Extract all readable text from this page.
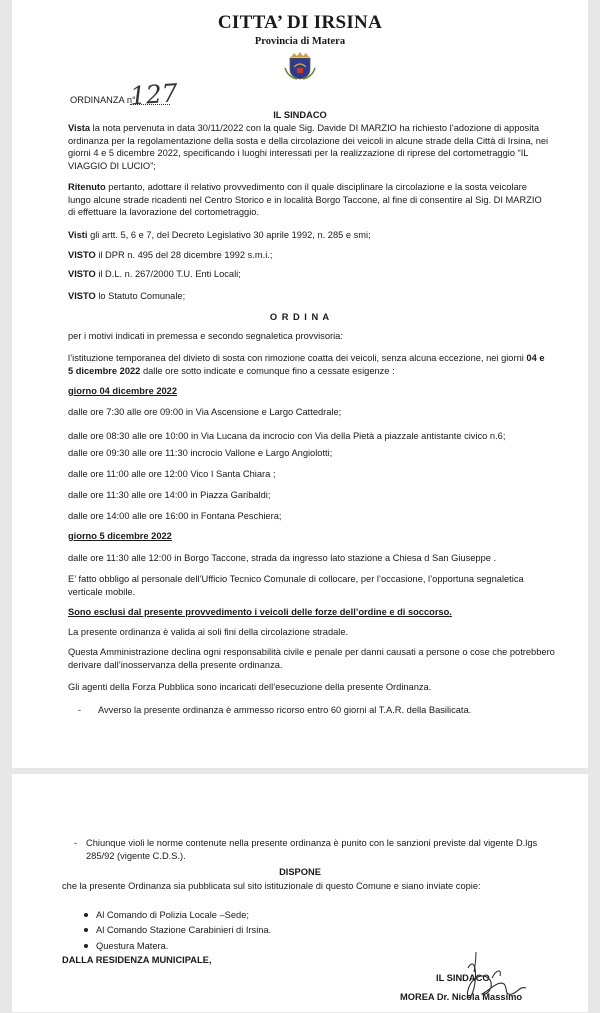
CITTA’ DI IRSINA
Provincia di Matera
ORDINANZA n°
127
IL SINDACO
Vista la nota pervenuta in data 30/11/2022 con la quale Sig. Davide DI MARZIO ha richiesto l’adozione di apposita ordinanza per la regolamentazione della sosta e della circolazione dei veicoli in alcune strade della Città di Irsina, nei giorni 4 e 5 dicembre 2022, specificando i luoghi interessati per la realizzazione di riprese del cortometraggio “IL VIAGGIO DI LUCIO”;
Ritenuto pertanto, adottare il relativo provvedimento con il quale disciplinare la circolazione e la sosta veicolare lungo alcune strade ricadenti nel Centro Storico e in località Borgo Taccone, al fine di consentire al Sig. DI MARZIO di effettuare la lavorazione del cortometraggio.
Visti gli artt. 5, 6 e 7, del Decreto Legislativo 30 aprile 1992, n. 285 e smi;
VISTO il DPR n. 495 del 28 dicembre 1992 s.m.i.;
VISTO il D.L. n. 267/2000 T.U. Enti Locali;
VISTO lo Statuto Comunale;
O R D I N A
per i motivi indicati in premessa e secondo segnaletica provvisoria:
l’istituzione temporanea del divieto di sosta con rimozione coatta dei veicoli, senza alcuna eccezione, nei giorni 04 e 5 dicembre 2022 dalle ore sotto indicate e comunque fino a cessate esigenze :
giorno 04 dicembre 2022
dalle ore 7:30 alle ore 09:00 in Via Ascensione e Largo Cattedrale;
dalle ore 08:30 alle ore 10:00 in Via Lucana da incrocio con Via della Pietà a piazzale antistante civico n.6;
dalle ore 09:30 alle ore 11:30 incrocio Vallone e Largo Angiolotti;
dalle ore 11:00 alle ore 12:00 Vico I Santa Chiara ;
dalle ore 11:30 alle ore 14:00 in Piazza Garibaldi;
dalle ore 14:00 alle ore 16:00 in Fontana Peschiera;
giorno 5 dicembre 2022
dalle ore 11:30 alle 12:00 in Borgo Taccone, strada da ingresso lato stazione a Chiesa d San Giuseppe .
E’ fatto obbligo al personale dell’Ufficio Tecnico Comunale di collocare, per l’occasione, l’opportuna segnaletica verticale mobile.
Sono esclusi dal presente provvedimento i veicoli delle forze dell’ordine e di soccorso.
La presente ordinanza è valida ai soli fini della circolazione stradale.
Questa Amministrazione declina ogni responsabilità civile e penale per danni causati a persone o cose che potrebbero derivare dall’inosservanza della presente ordinanza.
Gli agenti della Forza Pubblica sono incaricati dell’esecuzione della presente Ordinanza.
- Avverso la presente ordinanza è ammesso ricorso entro 60 giorni al T.A.R. della Basilicata.
- Chiunque violi le norme contenute nella presente ordinanza è punito con le sanzioni previste dal vigente D.lgs 285/92 (vigente C.D.S.).
DISPONE
che la presente Ordinanza sia pubblicata sul sito istituzionale di questo Comune e siano inviate copie:
Al Comando di Polizia Locale –Sede;
Al Comando Stazione Carabinieri di Irsina.
Questura Matera.
DALLA RESIDENZA MUNICIPALE,
IL SINDACO
MOREA Dr. Nicola Massimo
